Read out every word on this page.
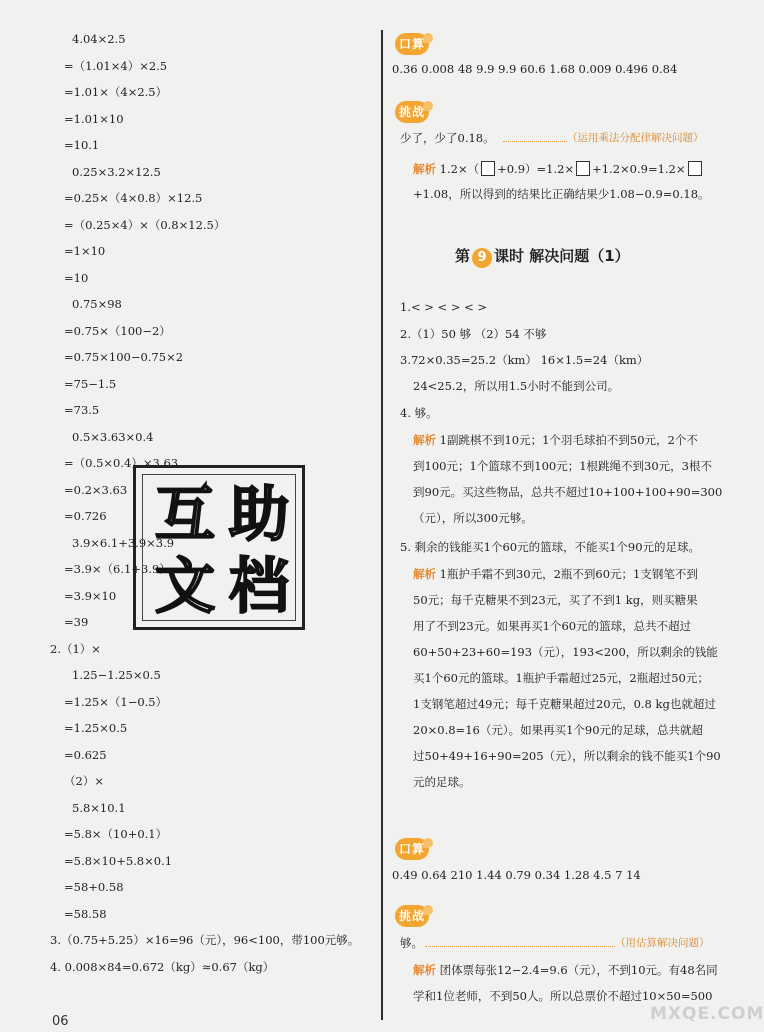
4.04×2.5
=（1.01×4）×2.5
=1.01×（4×2.5）
=1.01×10
=10.1
0.25×3.2×12.5
=0.25×（4×0.8）×12.5
=（0.25×4）×（0.8×12.5）
=1×10
=10
0.75×98
=0.75×（100−2）
=0.75×100−0.75×2
=75−1.5
=73.5
0.5×3.63×0.4
=（0.5×0.4）×3.63
=0.2×3.63
=0.726
3.9×6.1+3.9×3.9
=3.9×（6.1+3.9）
=3.9×10
=39
2.（1）×
1.25−1.25×0.5
=1.25×（1−0.5）
=1.25×0.5
=0.625
（2）×
5.8×10.1
=5.8×（10+0.1）
=5.8×10+5.8×0.1
=58+0.58
=58.58
3.（0.75+5.25）×16=96（元），96<100，带100元够。
4. 0.008×84=0.672（kg）≈0.67（kg）
口算
0.36 0.008 48 9.9 9.9 60.6 1.68 0.009 0.496 0.84
挑战
少了，少了0.18。	（运用乘法分配律解决问题）
解析 1.2×（ +0.9）=1.2× +1.2×0.9=1.2×
+1.08，所以得到的结果比正确结果少1.08−0.9=0.18。
第 9 课时 解决问题（1）
1.< > < > < >
2.（1）50 够 （2）54 不够
3.72×0.35=25.2（km） 16×1.5=24（km）
24<25.2，所以用1.5小时不能到公司。
4. 够。
解析 1副跳棋不到10元；1个羽毛球拍不到50元，2个不
到100元；1个篮球不到100元；1根跳绳不到30元，3根不
到90元。买这些物品，总共不超过10+100+100+90=300
（元），所以300元够。
5. 剩余的钱能买1个60元的篮球，不能买1个90元的足球。
解析 1瓶护手霜不到30元，2瓶不到60元；1支钢笔不到
50元；每千克糖果不到23元，买了不到1 kg，则买糖果
用了不到23元。如果再买1个60元的篮球，总共不超过
60+50+23+60=193（元），193<200，所以剩余的钱能
买1个60元的篮球。1瓶护手霜超过25元，2瓶超过50元；
1支钢笔超过49元；每千克糖果超过20元，0.8 kg也就超过
20×0.8=16（元）。如果再买1个90元的足球，总共就超
过50+49+16+90=205（元），所以剩余的钱不能买1个90
元的足球。
口算
0.49 0.64 210 1.44 0.79 0.34 1.28 4.5 7 14
挑战
够。	（用估算解决问题）
解析 团体票每张12−2.4=9.6（元），不到10元。有48名同
学和1位老师，不到50人。所以总票价不超过10×50=500
互 助
文 档
06	MXQE.COM
